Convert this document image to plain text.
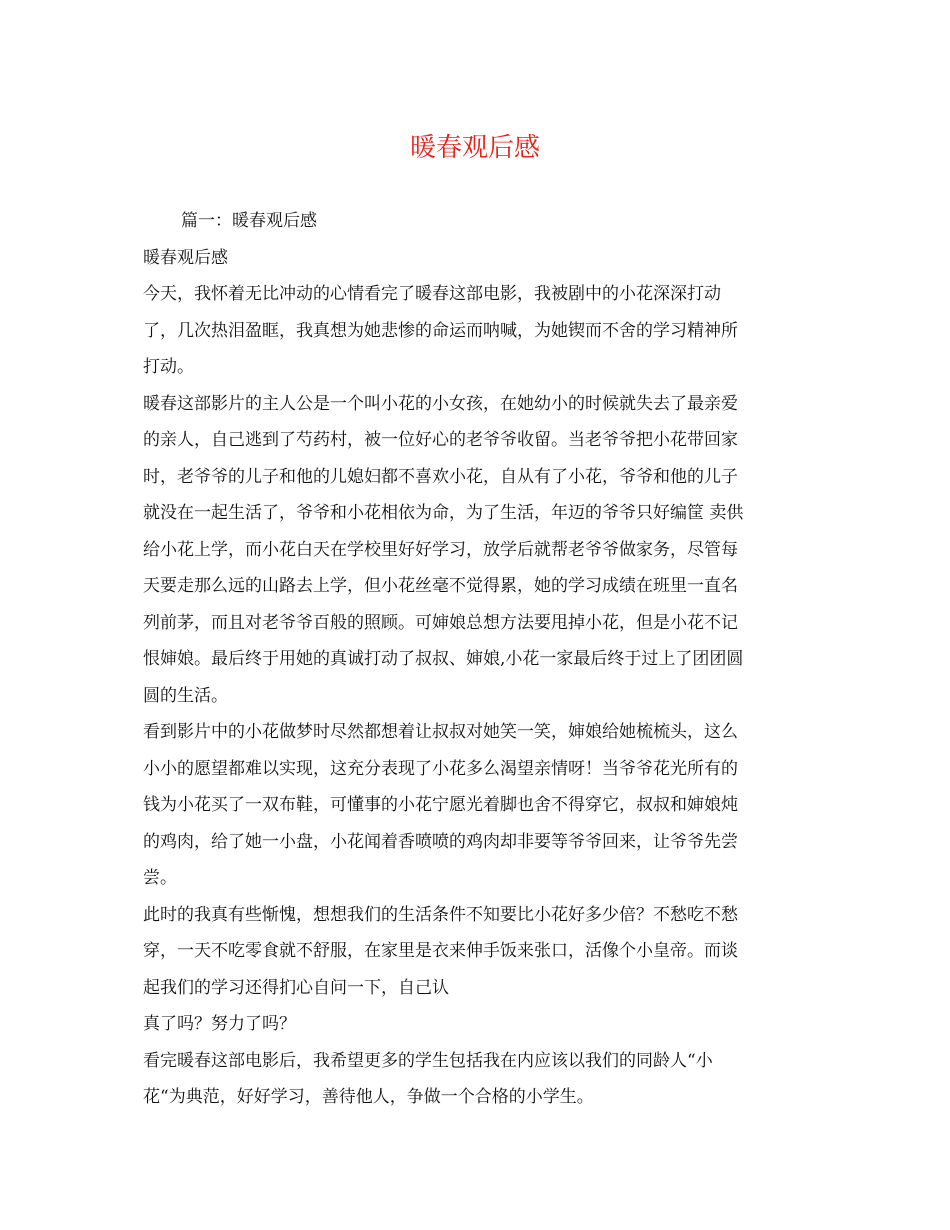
暖春观后感
篇一：暖春观后感
暖春观后感
今天，我怀着无比冲动的心情看完了暖春这部电影，我被剧中的小花深深打动
了，几次热泪盈眶，我真想为她悲惨的命运而呐喊，为她锲而不舍的学习精神所
打动。
暖春这部影片的主人公是一个叫小花的小女孩，在她幼小的时候就失去了最亲爱
的亲人，自己逃到了芍药村，被一位好心的老爷爷收留。当老爷爷把小花带回家
时，老爷爷的儿子和他的儿媳妇都不喜欢小花，自从有了小花，爷爷和他的儿子
就没在一起生活了，爷爷和小花相依为命，为了生活，年迈的爷爷只好编筐 卖供
给小花上学，而小花白天在学校里好好学习，放学后就帮老爷爷做家务，尽管每
天要走那么远的山路去上学，但小花丝毫不觉得累，她的学习成绩在班里一直名
列前茅，而且对老爷爷百般的照顾。可婶娘总想方法要甩掉小花，但是小花不记
恨婶娘。最后终于用她的真诚打动了叔叔、婶娘,小花一家最后终于过上了团团圆
圆的生活。
看到影片中的小花做梦时尽然都想着让叔叔对她笑一笑，婶娘给她梳梳头，这么
小小的愿望都难以实现，这充分表现了小花多么渴望亲情呀！当爷爷花光所有的
钱为小花买了一双布鞋，可懂事的小花宁愿光着脚也舍不得穿它，叔叔和婶娘炖
的鸡肉，给了她一小盘，小花闻着香喷喷的鸡肉却非要等爷爷回来，让爷爷先尝
尝。
此时的我真有些惭愧，想想我们的生活条件不知要比小花好多少倍？不愁吃不愁
穿，一天不吃零食就不舒服，在家里是衣来伸手饭来张口，活像个小皇帝。而谈
起我们的学习还得扪心自问一下，自己认
真了吗？努力了吗？
看完暖春这部电影后，我希望更多的学生包括我在内应该以我们的同龄人“小
花“为典范，好好学习，善待他人，争做一个合格的小学生。
